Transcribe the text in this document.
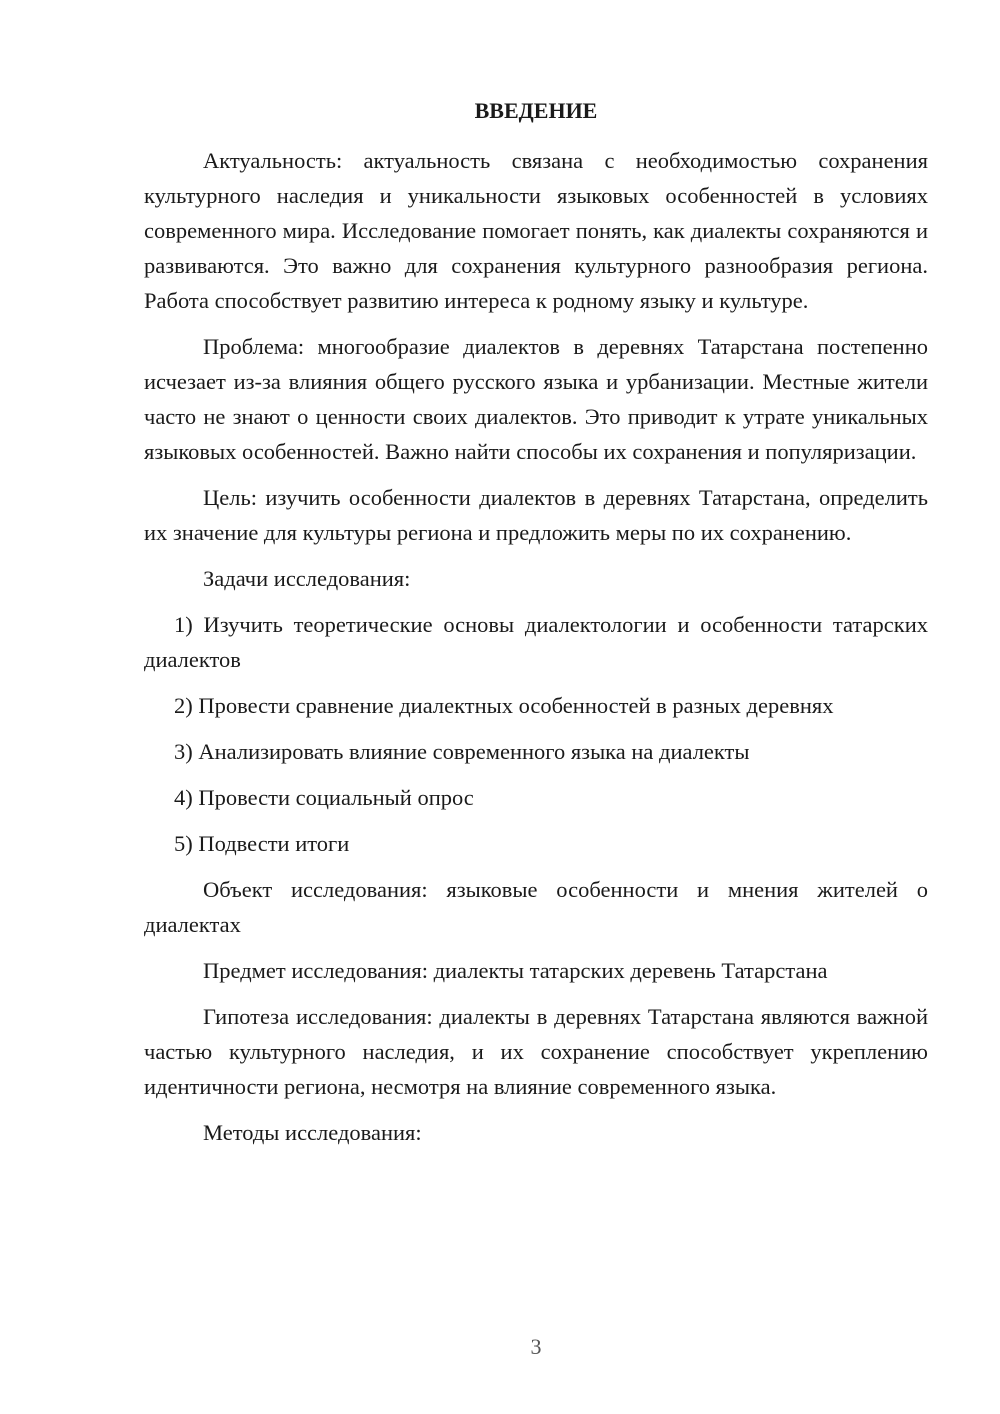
ВВЕДЕНИЕ

Актуальность: актуальность связана с необходимостью сохранения культурного наследия и уникальности языковых особенностей в условиях современного мира. Исследование помогает понять, как диалекты сохраняются и развиваются. Это важно для сохранения культурного разнообразия региона. Работа способствует развитию интереса к родному языку и культуре.

Проблема: многообразие диалектов в деревнях Татарстана постепенно исчезает из-за влияния общего русского языка и урбанизации. Местные жители часто не знают о ценности своих диалектов. Это приводит к утрате уникальных языковых особенностей. Важно найти способы их сохранения и популяризации.

Цель: изучить особенности диалектов в деревнях Татарстана, определить их значение для культуры региона и предложить меры по их сохранению.

Задачи исследования:

1) Изучить теоретические основы диалектологии и особенности татарских диалектов

2) Провести сравнение диалектных особенностей в разных деревнях

3) Анализировать влияние современного языка на диалекты

4) Провести социальный опрос

5) Подвести итоги

Объект исследования: языковые особенности и мнения жителей о диалектах

Предмет исследования: диалекты татарских деревень Татарстана

Гипотеза исследования: диалекты в деревнях Татарстана являются важной частью культурного наследия, и их сохранение способствует укреплению идентичности региона, несмотря на влияние современного языка.

Методы исследования:

3
